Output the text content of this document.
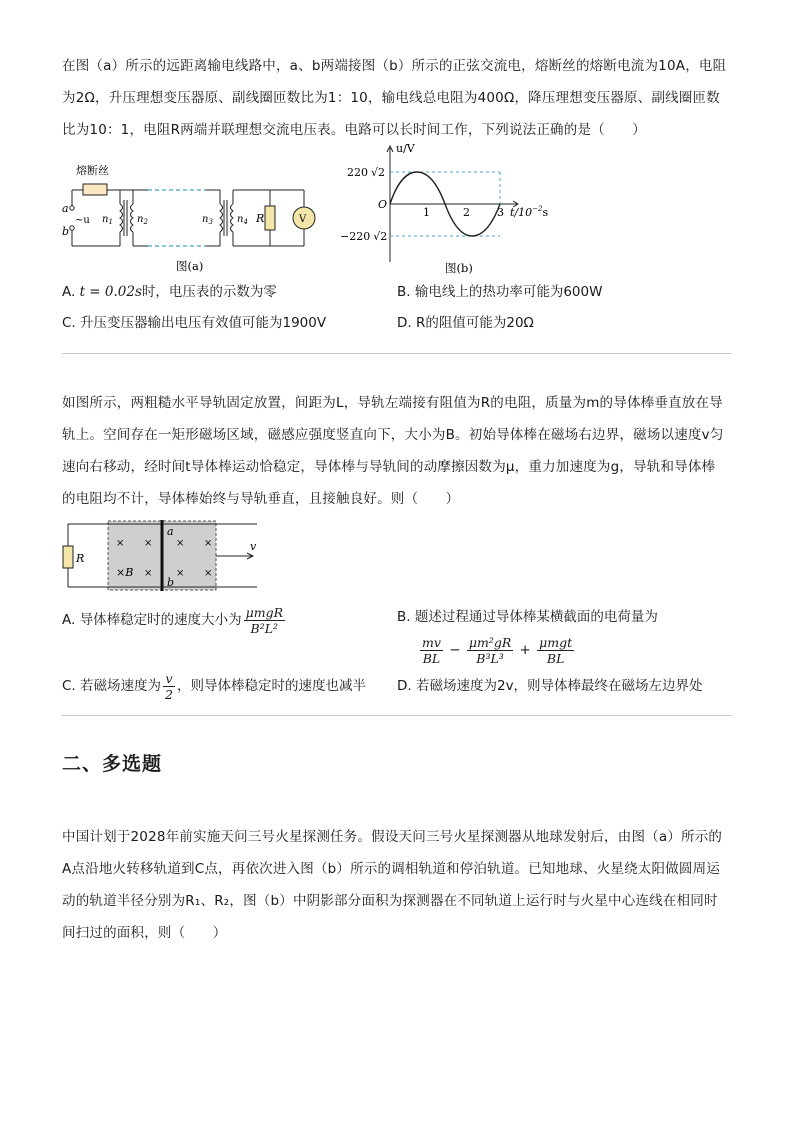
在图（a）所示的远距离输电线路中，a、b两端接图（b）所示的正弦交流电，熔断丝的熔断电流为10A，电阻
为2Ω，升压理想变压器原、副线圈匝数比为1：10，输电线总电阻为400Ω，降压理想变压器原、副线圈匝数
比为10：1，电阻R两端并联理想交流电压表。电路可以长时间工作，下列说法正确的是（　　）
熔断丝
a
b
~u $n_1$ $n_2$	$n_3$ $n_4$ R	V
图(a)
u/V
220 √2
−220 √2
O
1	2 3 $t/10^{-2}s$
图(b)
A. t = 0.02s时，电压表的示数为零	B. 输电线上的热功率可能为600W
C. 升压变压器输出电压有效值可能为1900V	D. R的阻值可能为20Ω
如图所示，两粗糙水平导轨固定放置，间距为L，导轨左端接有阻值为R的电阻，质量为m的导体棒垂直放在导
轨上。空间存在一矩形磁场区域，磁感应强度竖直向下，大小为B。初始导体棒在磁场右边界，磁场以速度v匀
速向右移动，经时间t导体棒运动恰稳定，导体棒与导轨间的动摩擦因数为μ，重力加速度为g，导轨和导体棒
的电阻均不计，导体棒始终与导轨垂直，且接触良好。则（　　）
R
× × × ×
× × ×
×B
a
b
v
A. 导体棒稳定时的速度大小为 $\frac{\text{μmgR}}{\text{B²L²}}$	B. 题述过程通过导体棒某横截面的电荷量为
$\frac{mv}{BL} - \frac{\text{μm²gR}}{\text{B³L³}} + \frac{\text{μmgt}}{BL}$
C. 若磁场速度为 $\frac{v}{2}$ ，则导体棒稳定时的速度也减半 D. 若磁场速度为2v，则导体棒最终在磁场左边界处
二、多选题
中国计划于2028年前实施天问三号火星探测任务。假设天问三号火星探测器从地球发射后，由图（a）所示的
A点沿地火转移轨道到C点，再依次进入图（b）所示的调相轨道和停泊轨道。已知地球、火星绕太阳做圆周运
动的轨道半径分别为R₁、R₂，图（b）中阴影部分面积为探测器在不同轨道上运行时与火星中心连线在相同时
间扫过的面积，则（　　）
